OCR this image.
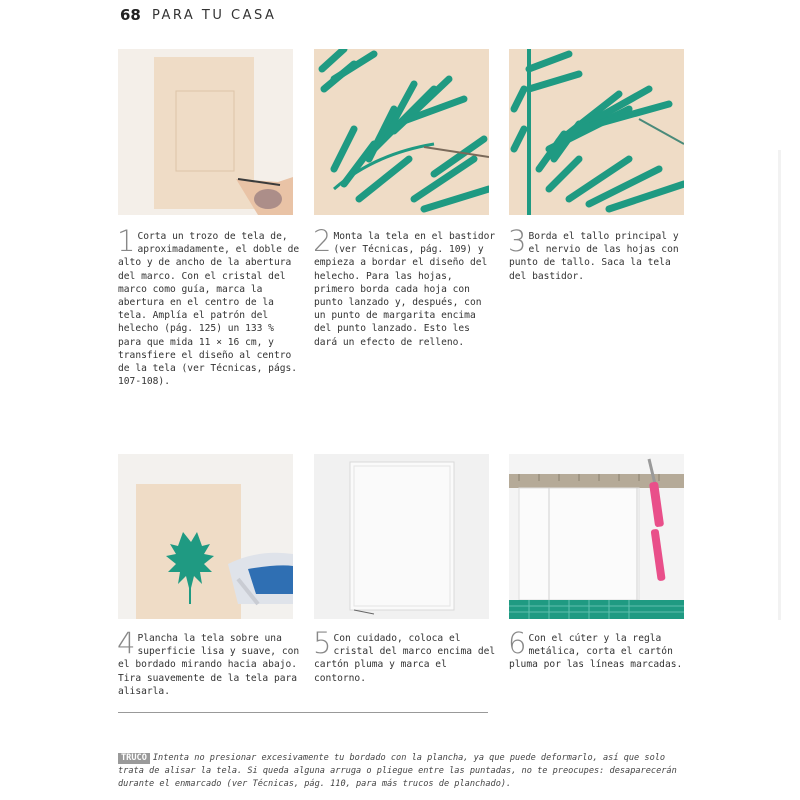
68 PARA TU CASA
1 Corta un trozo de tela de, aproximadamente, el doble de alto y de ancho de la abertura del marco. Con el cristal del marco como guía, marca la abertura en el centro de la tela. Amplía el patrón del helecho (pág. 125) un 133 % para que mida 11 × 16 cm, y transfiere el diseño al centro de la tela (ver Técnicas, págs. 107-108).
2 Monta la tela en el bastidor (ver Técnicas, pág. 109) y empieza a bordar el diseño del helecho. Para las hojas, primero borda cada hoja con punto lanzado y, después, con un punto de margarita encima del punto lanzado. Esto les dará un efecto de relleno.
3 Borda el tallo principal y el nervio de las hojas con punto de tallo. Saca la tela del bastidor.
4 Plancha la tela sobre una superficie lisa y suave, con el bordado mirando hacia abajo. Tira suavemente de la tela para alisarla.
5 Con cuidado, coloca el cristal del marco encima del cartón pluma y marca el contorno.
6 Con el cúter y la regla metálica, corta el cartón pluma por las líneas marcadas.
TRUCO Intenta no presionar excesivamente tu bordado con la plancha, ya que puede deformarlo, así que solo trata de alisar la tela. Si queda alguna arruga o pliegue entre las puntadas, no te preocupes: desaparecerán durante el enmarcado (ver Técnicas, pág. 110, para más trucos de planchado).
